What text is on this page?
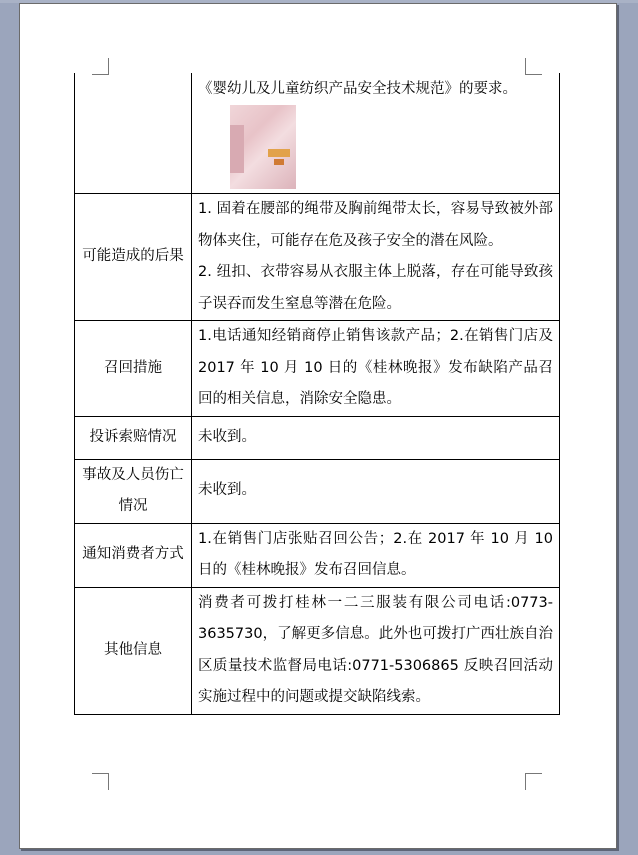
	《婴幼儿及儿童纺织产品安全技术规范》的要求。

可能造成的后果	1. 固着在腰部的绳带及胸前绳带太长，容易导致被外部物体夹住，可能存在危及孩子安全的潜在风险。
2. 纽扣、衣带容易从衣服主体上脱落，存在可能导致孩子误吞而发生窒息等潜在危险。

召回措施	1.电话通知经销商停止销售该款产品；2.在销售门店及 2017 年 10 月 10 日的《桂林晚报》发布缺陷产品召回的相关信息，消除安全隐患。
投诉索赔情况	未收到。
事故及人员伤亡情况	未收到。
通知消费者方式	1.在销售门店张贴召回公告；2.在 2017 年 10 月 10 日的《桂林晚报》发布召回信息。
其他信息	消费者可拨打桂林一二三服装有限公司电话:0773-3635730，了解更多信息。此外也可拨打广西壮族自治区质量技术监督局电话:0771-5306865 反映召回活动实施过程中的问题或提交缺陷线索。
